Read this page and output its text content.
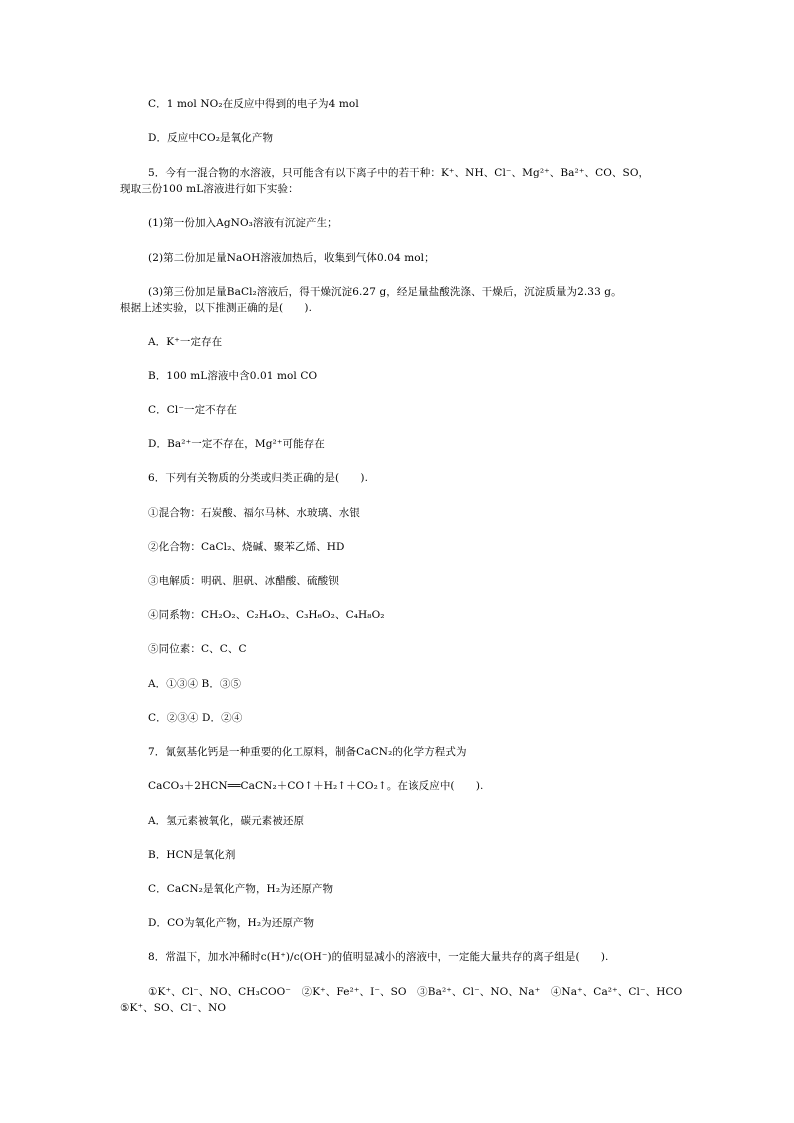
C．1 mol NO₂在反应中得到的电子为4 mol
D．反应中CO₂是氧化产物
5．今有一混合物的水溶液，只可能含有以下离子中的若干种：K⁺、NH、Cl⁻、Mg²⁺、Ba²⁺、CO、SO，
现取三份100 mL溶液进行如下实验：
(1)第一份加入AgNO₃溶液有沉淀产生；
(2)第二份加足量NaOH溶液加热后，收集到气体0.04 mol；
(3)第三份加足量BaCl₂溶液后，得干燥沉淀6.27 g，经足量盐酸洗涤、干燥后，沉淀质量为2.33 g。
根据上述实验，以下推测正确的是(　　).
A．K⁺一定存在
B．100 mL溶液中含0.01 mol CO
C．Cl⁻一定不存在
D．Ba²⁺一定不存在，Mg²⁺可能存在
6．下列有关物质的分类或归类正确的是(　　).
①混合物：石炭酸、福尔马林、水玻璃、水银
②化合物：CaCl₂、烧碱、聚苯乙烯、HD
③电解质：明矾、胆矾、冰醋酸、硫酸钡
④同系物：CH₂O₂、C₂H₄O₂、C₃H₆O₂、C₄H₈O₂
⑤同位素：C、C、C
A．①③④ B．③⑤
C．②③④ D．②④
7．氰氨基化钙是一种重要的化工原料，制备CaCN₂的化学方程式为
CaCO₃＋2HCN══CaCN₂＋CO↑＋H₂↑＋CO₂↑。在该反应中(　　).
A．氢元素被氧化，碳元素被还原
B．HCN是氧化剂
C．CaCN₂是氧化产物，H₂为还原产物
D．CO为氧化产物，H₂为还原产物
8．常温下，加水冲稀时c(H⁺)/c(OH⁻)的值明显减小的溶液中，一定能大量共存的离子组是(　　).
①K⁺、Cl⁻、NO、CH₃COO⁻　②K⁺、Fe²⁺、I⁻、SO　③Ba²⁺、Cl⁻、NO、Na⁺　④Na⁺、Ca²⁺、Cl⁻、HCO
⑤K⁺、SO、Cl⁻、NO
